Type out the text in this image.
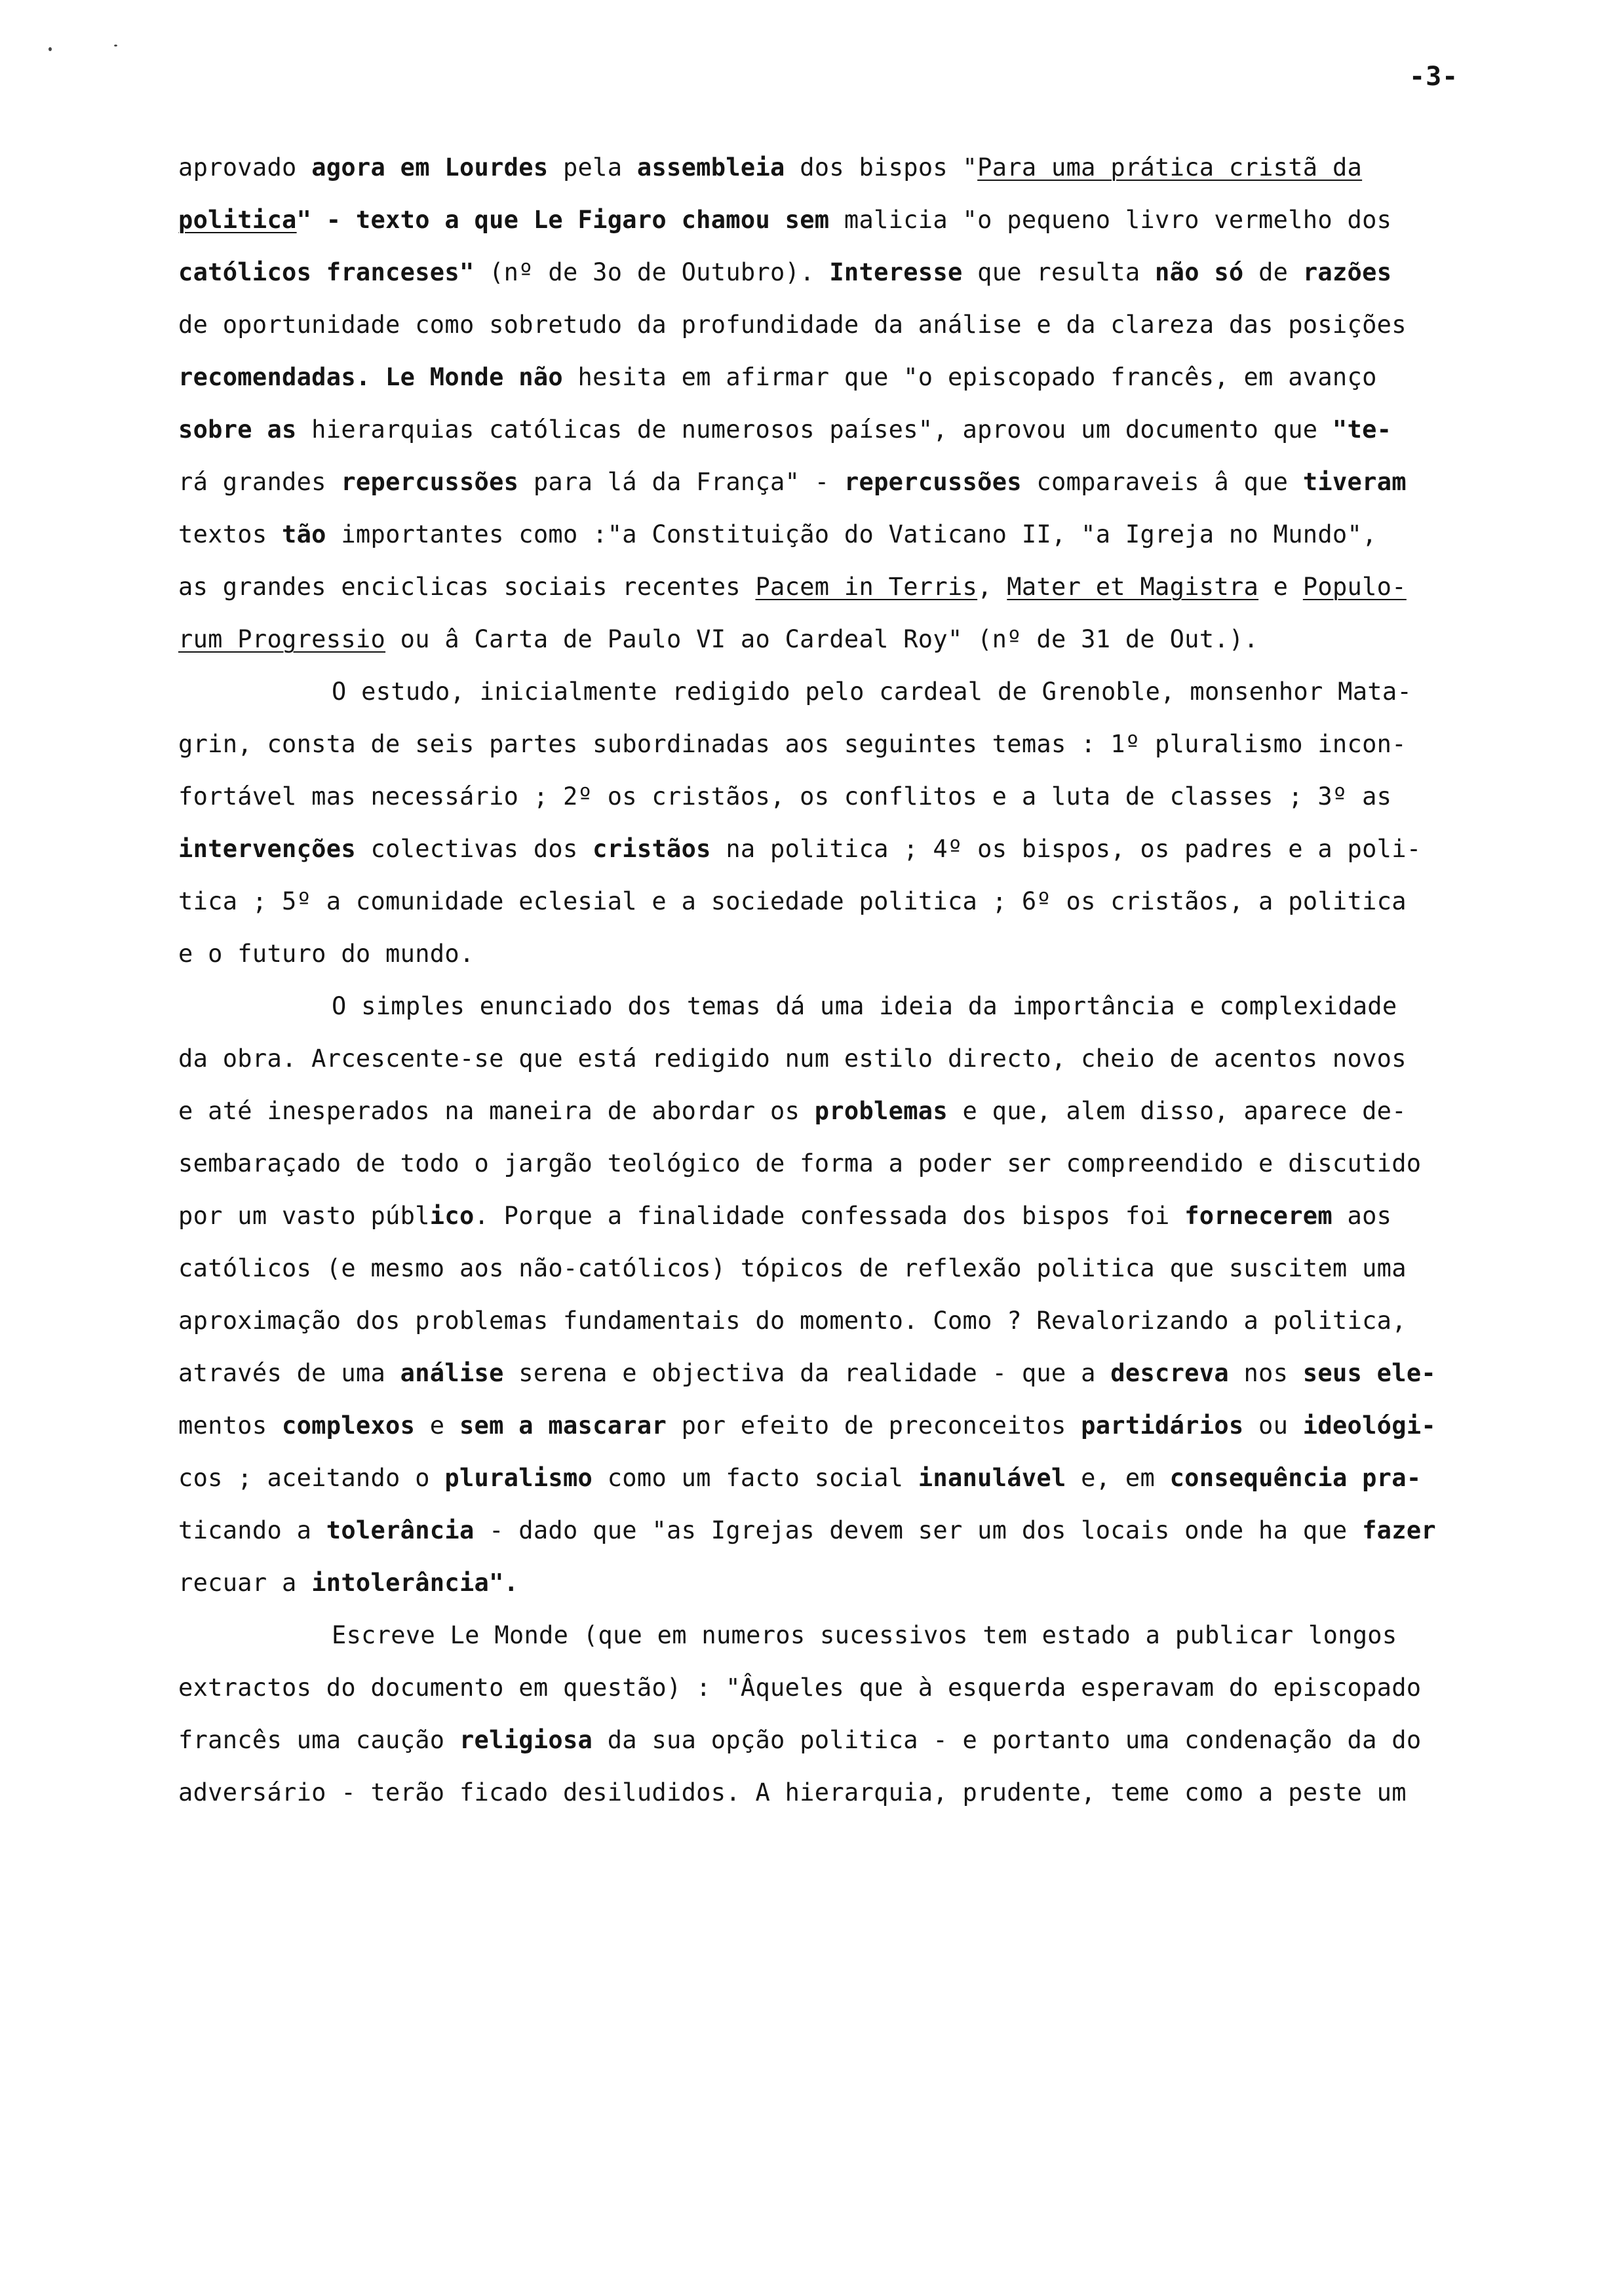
-3-
aprovado agora em Lourdes pela assembleia dos bispos "Para uma prática cristã da
politica" - texto a que Le Figaro chamou sem malicia "o pequeno livro vermelho dos
católicos franceses" (nº de 3o de Outubro). Interesse que resulta não só de razões
de oportunidade como sobretudo da profundidade da análise e da clareza das posições
recomendadas. Le Monde não hesita em afirmar que "o episcopado francês, em avanço
sobre as hierarquias católicas de numerosos países", aprovou um documento que "te-
rá grandes repercussões para lá da França" - repercussões comparaveis â que tiveram
textos tão importantes como :"a Constituição do Vaticano II, "a Igreja no Mundo",
as grandes enciclicas sociais recentes Pacem in Terris, Mater et Magistra e Populo-
rum Progressio ou â Carta de Paulo VI ao Cardeal Roy" (nº de 31 de Out.).
O estudo, inicialmente redigido pelo cardeal de Grenoble, monsenhor Mata-
grin, consta de seis partes subordinadas aos seguintes temas : 1º pluralismo incon-
fortável mas necessário ; 2º os cristãos, os conflitos e a luta de classes ; 3º as
intervenções colectivas dos cristãos na politica ; 4º os bispos, os padres e a poli-
tica ; 5º a comunidade eclesial e a sociedade politica ; 6º os cristãos, a politica
e o futuro do mundo.
O simples enunciado dos temas dá uma ideia da importância e complexidade
da obra. Arcescente-se que está redigido num estilo directo, cheio de acentos novos
e até inesperados na maneira de abordar os problemas e que, alem disso, aparece de-
sembaraçado de todo o jargão teológico de forma a poder ser compreendido e discutido
por um vasto público. Porque a finalidade confessada dos bispos foi fornecerem aos
católicos (e mesmo aos não-católicos) tópicos de reflexão politica que suscitem uma
aproximação dos problemas fundamentais do momento. Como ? Revalorizando a politica,
através de uma análise serena e objectiva da realidade - que a descreva nos seus ele-
mentos complexos e sem a mascarar por efeito de preconceitos partidários ou ideológi-
cos ; aceitando o pluralismo como um facto social inanulável e, em consequência pra-
ticando a tolerância - dado que "as Igrejas devem ser um dos locais onde ha que fazer
recuar a intolerância".
Escreve Le Monde (que em numeros sucessivos tem estado a publicar longos
extractos do documento em questão) : "Âqueles que à esquerda esperavam do episcopado
francês uma caução religiosa da sua opção politica - e portanto uma condenação da do
adversário - terão ficado desiludidos. A hierarquia, prudente, teme como a peste um
